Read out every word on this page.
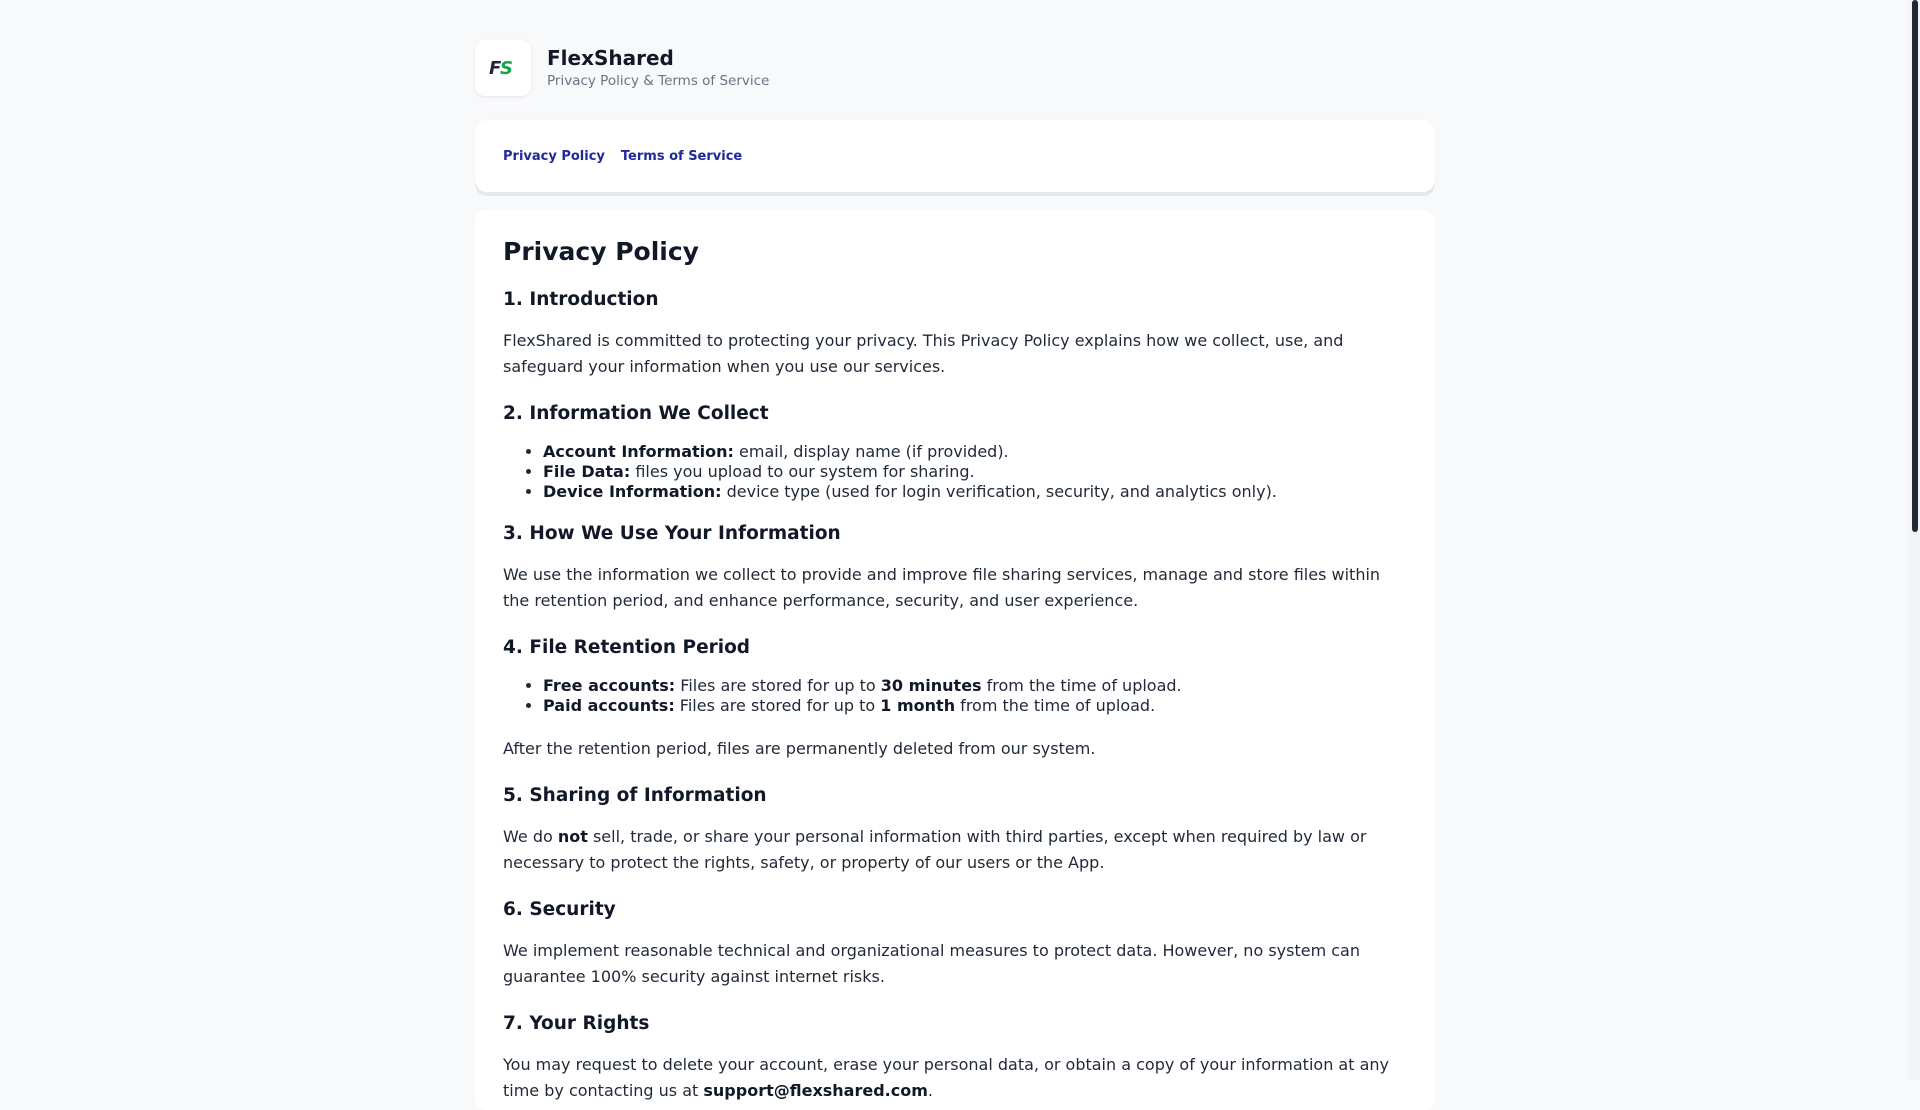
F
S FlexShared
Privacy Policy & Terms of Service
Privacy Policy Terms of Service
Privacy Policy
1. Introduction

FlexShared is committed to protecting your privacy. This Privacy Policy explains how we collect, use, and safeguard your information when you use our services.

2. Information We Collect
• Account Information: email, display name (if provided).
• File Data: files you upload to our system for sharing.
• Device Information: device type (used for login verification, security, and analytics only).
3. How We Use Your Information

We use the information we collect to provide and improve file sharing services, manage and store files within the retention period, and enhance performance, security, and user experience.

4. File Retention Period
• Free accounts: Files are stored for up to 30 minutes from the time of upload.
• Paid accounts: Files are stored for up to 1 month from the time of upload.

After the retention period, files are permanently deleted from our system.

5. Sharing of Information

We do not sell, trade, or share your personal information with third parties, except when required by law or necessary to protect the rights, safety, or property of our users or the App.

6. Security

We implement reasonable technical and organizational measures to protect data. However, no system can guarantee 100% security against internet risks.

7. Your Rights

You may request to delete your account, erase your personal data, or obtain a copy of your information at any time by contacting us at support@flexshared.com.
